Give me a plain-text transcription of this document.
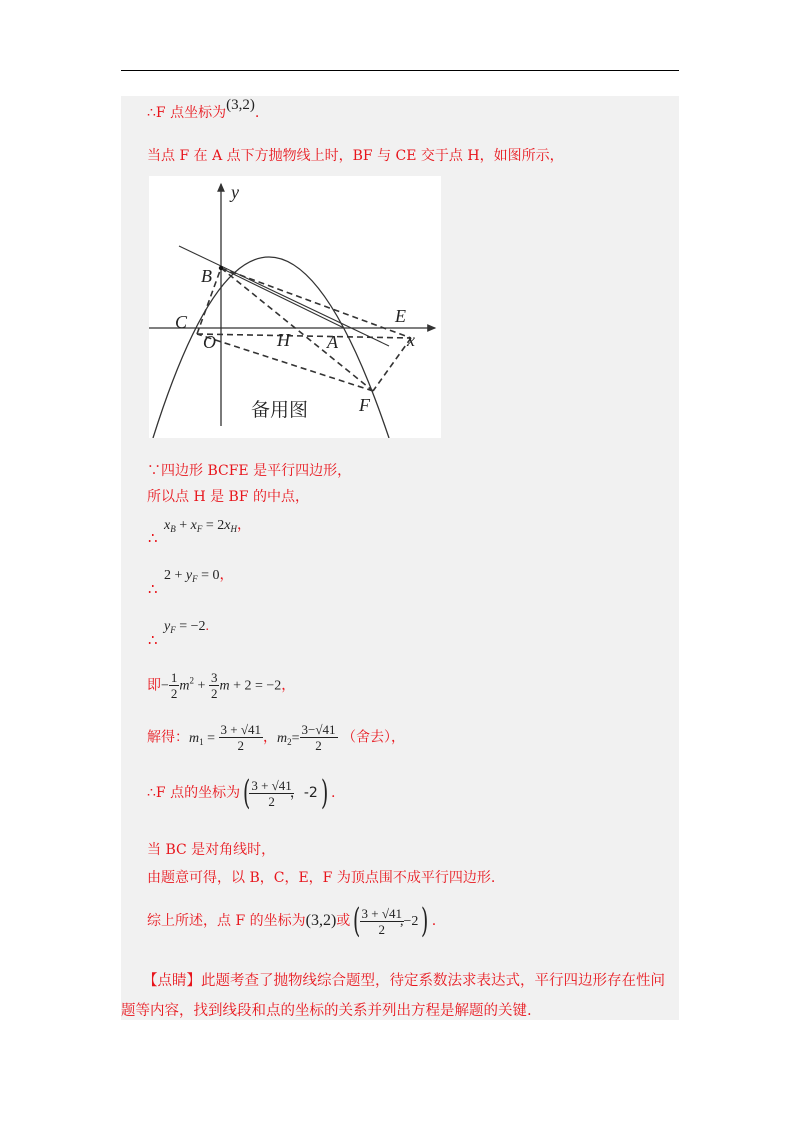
∴F 点坐标为(3,2).
当点 F 在 A 点下方抛物线上时，BF 与 CE 交于点 H，如图所示，
y
x
B
C
O	H A
E
F
备用图
∵四边形 BCFE 是平行四边形，
所以点 H 是 BF 的中点，
∴
$x_B + x_F = 2x_H$，
∴
$2 + y_F = 0$，
∴
$y_F = -2$.
即− $\frac{1}{2} m^2 + \frac{3}{2}$ m + 2 = −2，
解得：$m_1 = \frac{3 + √41}{2}$ ，$m_2= \frac{3-√41}{2}$ （舍去），
∴F 点的坐标为(
$\frac{3 + √41}{2}$
，-2) .
当 BC 是对角线时，
由题意可得，以 B，C，E，F 为顶点围不成平行四边形.
综上所述，点 F 的坐标为(3,2)或(
$\frac{3 + √41}{2}$
,−2) .
【点睛】此题考查了抛物线综合题型，待定系数法求表达式，平行四边形存在性问题等内容，找到线段和点的坐标的关系并列出方程是解题的关键.
